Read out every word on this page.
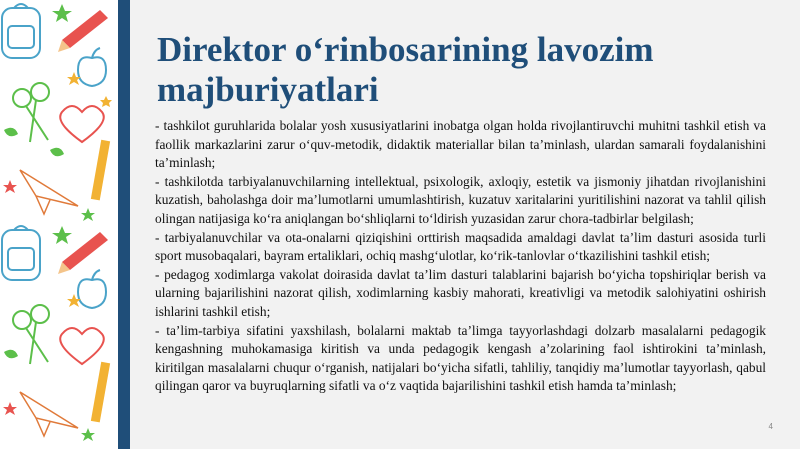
Direktor o‘rinbosarining lavozim majburiyatlari

- tashkilot guruhlarida bolalar yosh xususiyatlarini inobatga olgan holda rivojlantiruvchi muhitni tashkil etish va faollik markazlarini zarur o‘quv-metodik, didaktik materiallar bilan ta’minlash, ulardan samarali foydalanishini ta’minlash;

- tashkilotda tarbiyalanuvchilarning intellektual, psixologik, axloqiy, estetik va jismoniy jihatdan rivojlanishini kuzatish, baholashga doir ma’lumotlarni umumlashtirish, kuzatuv xaritalarini yuritilishini nazorat va tahlil qilish olingan natijasiga ko‘ra aniqlangan bo‘shliqlarni to‘ldirish yuzasidan zarur chora-tadbirlar belgilash;

- tarbiyalanuvchilar va ota-onalarni qiziqishini orttirish maqsadida amaldagi davlat ta’lim dasturi asosida turli sport musobaqalari, bayram ertaliklari, ochiq mashg‘ulotlar, ko‘rik-tanlovlar o‘tkazilishini tashkil etish;

- pedagog xodimlarga vakolat doirasida davlat ta’lim dasturi talablarini bajarish bo‘yicha topshiriqlar berish va ularning bajarilishini nazorat qilish, xodimlarning kasbiy mahorati, kreativligi va metodik salohiyatini oshirish ishlarini tashkil etish;

- ta’lim-tarbiya sifatini yaxshilash, bolalarni maktab ta’limga tayyorlashdagi dolzarb masalalarni pedagogik kengashning muhokamasiga kiritish va unda pedagogik kengash a’zolarining faol ishtirokini ta’minlash, kiritilgan masalalarni chuqur o‘rganish, natijalari bo‘yicha sifatli, tahliliy, tanqidiy ma’lumotlar tayyorlash, qabul qilingan qaror va buyruqlarning sifatli va o‘z vaqtida bajarilishini tashkil etish hamda ta’minlash;

4
